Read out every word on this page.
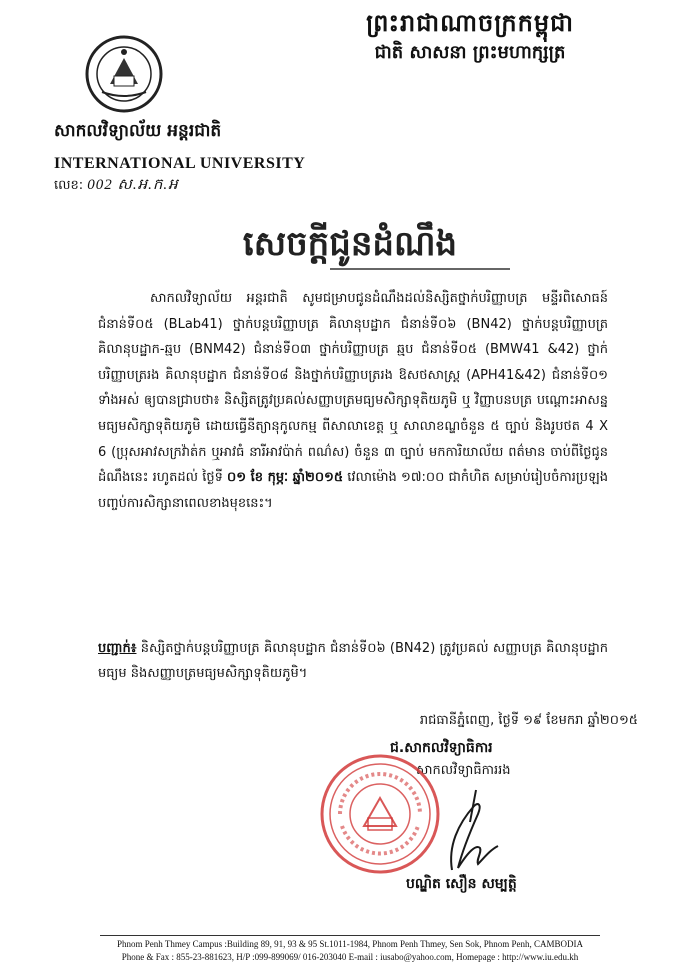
ព្រះរាជាណាចក្រកម្ពុជា
ជាតិ សាសនា ព្រះមហាក្សត្រ
សាកលវិទ្យាល័យ អន្តរជាតិ
INTERNATIONAL UNIVERSITY
លេខ: 002 ស.អ.ក.អ
សេចក្តីជូនដំណឹង
សាកលវិទ្យាល័យ អន្តរជាតិ សូមជម្រាបជូនដំណឹងដល់និស្សិតថ្នាក់បរិញ្ញាបត្រ មន្ទីរពិសោធន៍ ជំនាន់ទី០៥ (BLab41) ថ្នាក់បន្តបរិញ្ញាបត្រ គិលានុបដ្ឋាក ជំនាន់ទី០៦ (BN42) ថ្នាក់បន្តបរិញ្ញាបត្រ គិលានុបដ្ឋាក-ឆ្មប (BNM42) ជំនាន់ទី០៣ ថ្នាក់បរិញ្ញាបត្រ ឆ្មប ជំនាន់ទី០៥ (BMW41 &42) ថ្នាក់បរិញ្ញាបត្ររង គិលានុបដ្ឋាក ជំនាន់ទី០៨ និងថ្នាក់បរិញ្ញាបត្ររង ឱសថសាស្ត្រ (APH41&42) ជំនាន់ទី០១ ទាំងអស់ ឲ្យបានជ្រាបថា៖ និស្សិតត្រូវប្រគល់សញ្ញាបត្រមធ្យមសិក្សាទុតិយភូមិ ឬ វិញ្ញាបនបត្រ បណ្តោះអាសន្ន មធ្យមសិក្សាទុតិយភូមិ ដោយធ្វើនីត្យានុកូលកម្ម ពីសាលាខេត្ត ឬ សាលាខណ្ឌចំនួន ៥ ច្បាប់ និងរូបថត 4 X 6 (ប្រុសអាវសក្រវ៉ាត់ក ឬអាវធំ នារីអាវប៉ាក់ ពណ៌ស) ចំនួន ៣ ច្បាប់ មកការិយាល័យ ពត៌មាន ចាប់ពីថ្ងៃជូនដំណឹងនេះ រហូតដល់ ថ្ងៃទី ០១ ខែ កុម្ភៈ ឆ្នាំ២០១៥ វេលាម៉ោង ១៧:០០ ជាកំហិត សម្រាប់រៀបចំការប្រឡងបញ្ចប់ការសិក្សានាពេលខាងមុខនេះ។
បញ្ជាក់៖ និស្សិតថ្នាក់បន្តបរិញ្ញាបត្រ គិលានុបដ្ឋាក ជំនាន់ទី០៦ (BN42) ត្រូវប្រគល់ សញ្ញាបត្រ គិលានុបដ្ឋាកមធ្យម និងសញ្ញាបត្រមធ្យមសិក្សាទុតិយភូមិ។
រាជធានីភ្នំពេញ, ថ្ងៃទី ១៩ ខែមករា ឆ្នាំ២០១៥
ជ.សាកលវិទ្យាធិការ
សាកលវិទ្យាធិការរង
បណ្ឌិត សឿន សម្បត្តិ
Phnom Penh Thmey Campus :Building 89, 91, 93 & 95 St.1011-1984, Phnom Penh Thmey, Sen Sok, Phnom Penh, CAMBODIA
Phone & Fax : 855-23-881623, H/P :099-899069/ 016-203040 E-mail : iusabo@yahoo.com, Homepage : http://www.iu.edu.kh
